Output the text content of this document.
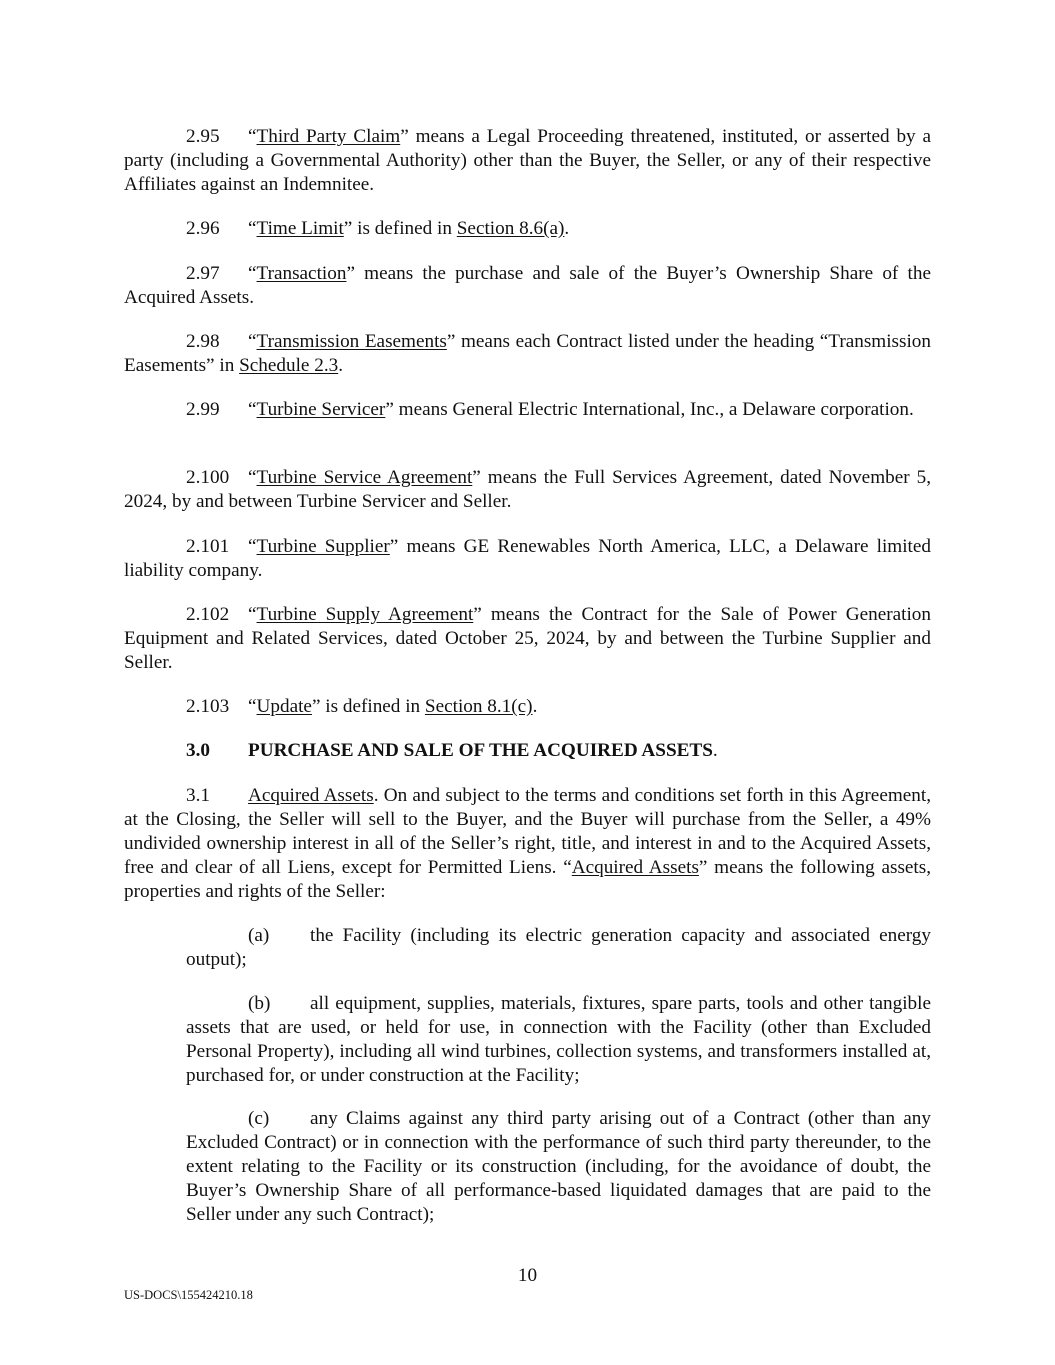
2.95 “Third Party Claim” means a Legal Proceeding threatened, instituted, or asserted by a party (including a Governmental Authority) other than the Buyer, the Seller, or any of their respective Affiliates against an Indemnitee.

2.96 “Time Limit” is defined in Section 8.6(a).

2.97 “Transaction” means the purchase and sale of the Buyer’s Ownership Share of the Acquired Assets.

2.98 “Transmission Easements” means each Contract listed under the heading “Transmission Easements” in Schedule 2.3.

2.99 “Turbine Servicer” means General Electric International, Inc., a Delaware corporation.

2.100 “Turbine Service Agreement” means the Full Services Agreement, dated November 5, 2024, by and between Turbine Servicer and Seller.

2.101 “Turbine Supplier” means GE Renewables North America, LLC, a Delaware limited liability company.

2.102 “Turbine Supply Agreement” means the Contract for the Sale of Power Generation Equipment and Related Services, dated October 25, 2024, by and between the Turbine Supplier and Seller.

2.103 “Update” is defined in Section 8.1(c).

3.0 PURCHASE AND SALE OF THE ACQUIRED ASSETS.

3.1 Acquired Assets. On and subject to the terms and conditions set forth in this Agreement, at the Closing, the Seller will sell to the Buyer, and the Buyer will purchase from the Seller, a 49% undivided ownership interest in all of the Seller’s right, title, and interest in and to the Acquired Assets, free and clear of all Liens, except for Permitted Liens. “Acquired Assets” means the following assets, properties and rights of the Seller:

(a) the Facility (including its electric generation capacity and associated energy output);

(b) all equipment, supplies, materials, fixtures, spare parts, tools and other tangible assets that are used, or held for use, in connection with the Facility (other than Excluded Personal Property), including all wind turbines, collection systems, and transformers installed at, purchased for, or under construction at the Facility;

(c) any Claims against any third party arising out of a Contract (other than any Excluded Contract) or in connection with the performance of such third party thereunder, to the extent relating to the Facility or its construction (including, for the avoidance of doubt, the Buyer’s Ownership Share of all performance-based liquidated damages that are paid to the Seller under any such Contract);

10
US-DOCS\155424210.18
